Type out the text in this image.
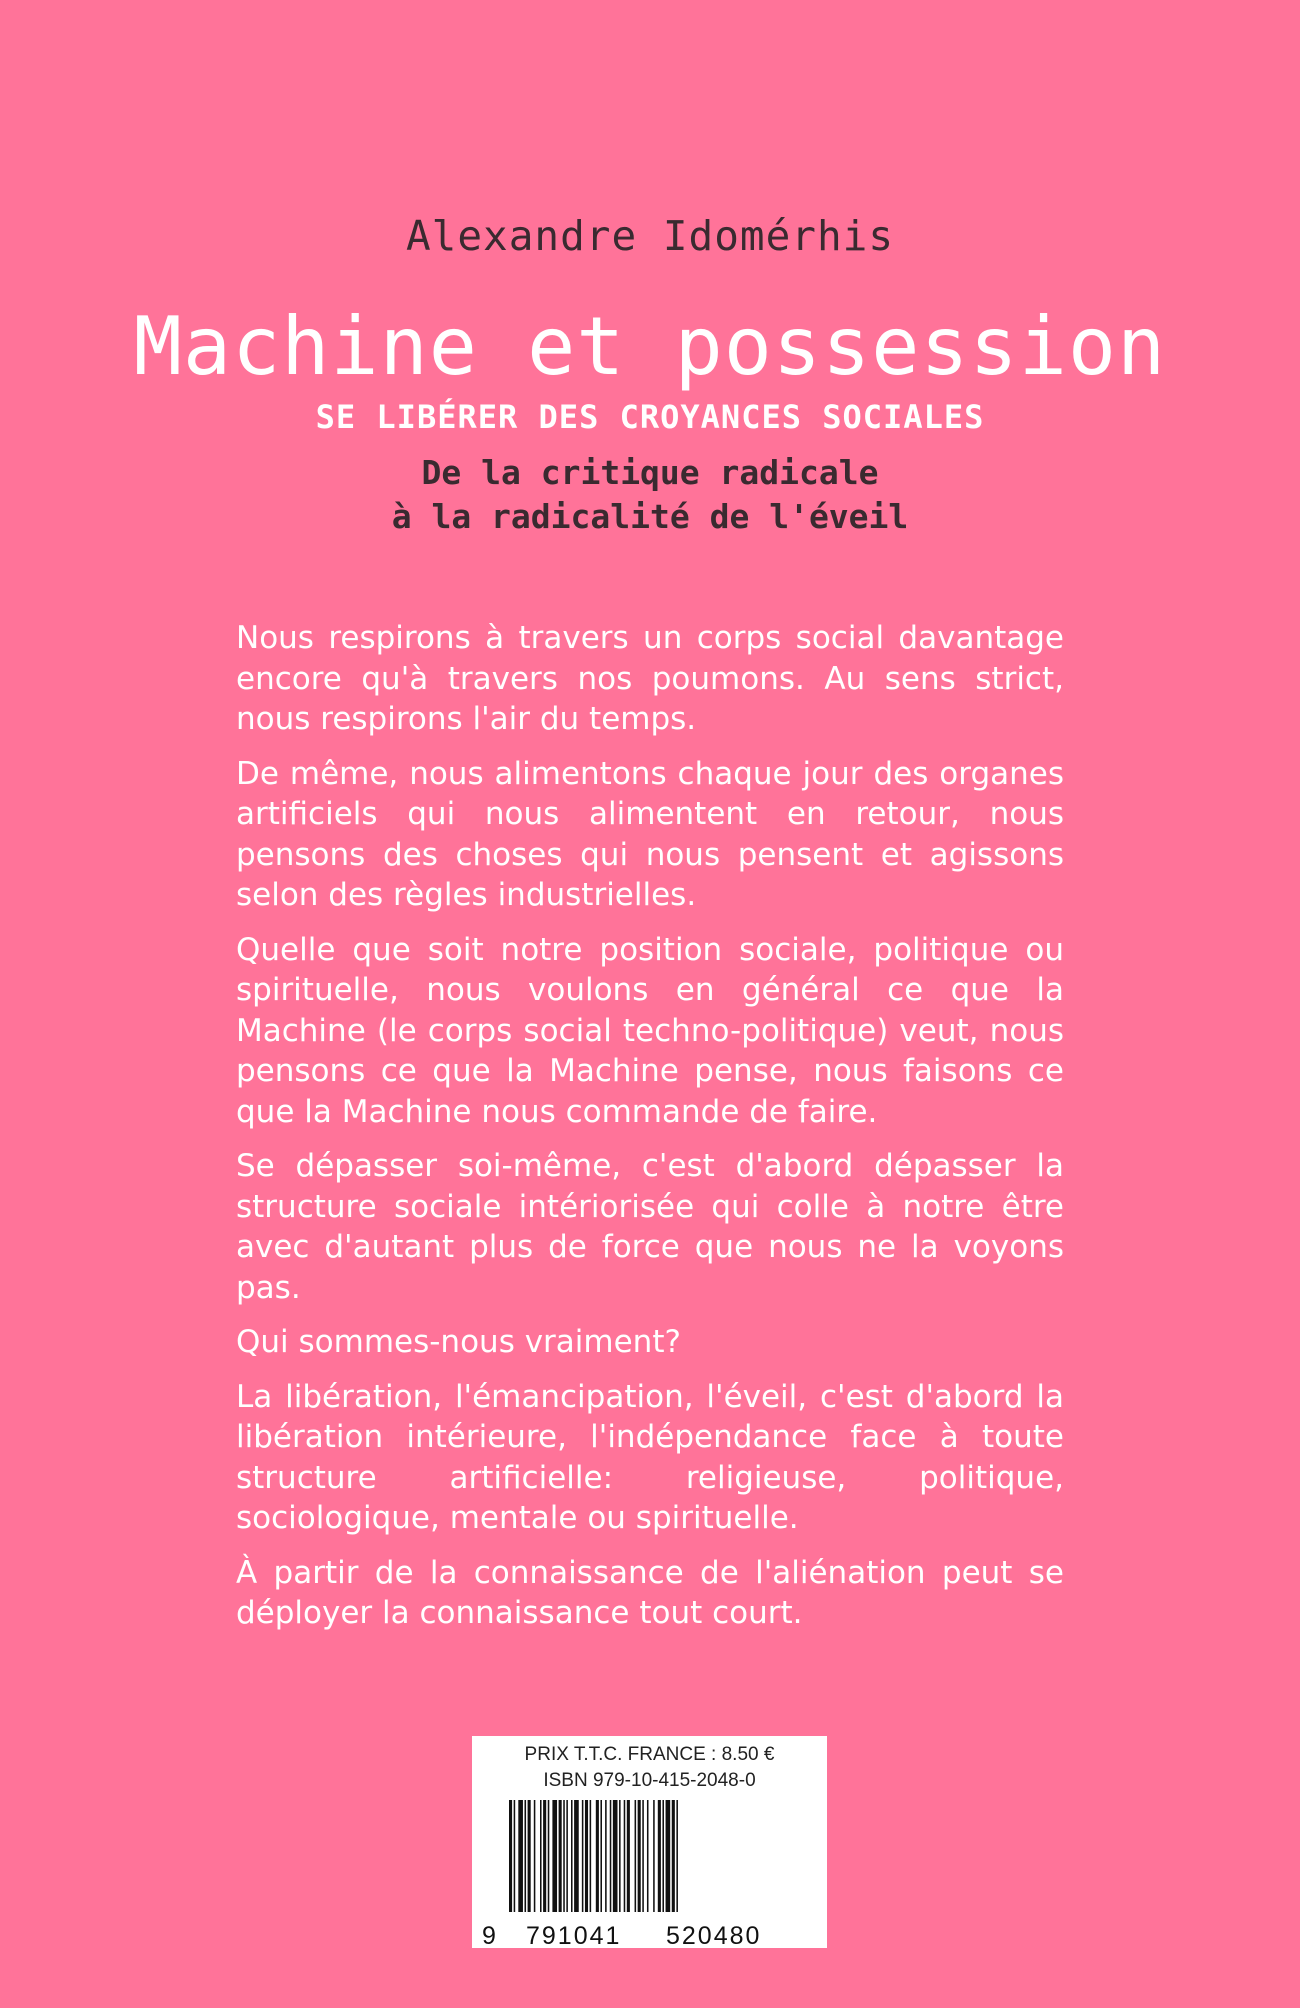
Alexandre Idomérhis
Machine et possession
SE LIBÉRER DES CROYANCES SOCIALES
De la critique radicale
à la radicalité de l'éveil

Nous respirons à travers un corps social davantage encore qu'à travers nos poumons. Au sens strict, nous respirons l'air du temps.

De même, nous alimentons chaque jour des organes artificiels qui nous alimentent en retour, nous pensons des choses qui nous pensent et agissons selon des règles industrielles.

Quelle que soit notre position sociale, politique ou spirituelle, nous voulons en général ce que la Machine (le corps social techno-politique) veut, nous pensons ce que la Machine pense, nous faisons ce que la Machine nous commande de faire.

Se dépasser soi-même, c'est d'abord dépasser la structure sociale intériorisée qui colle à notre être avec d'autant plus de force que nous ne la voyons pas.

Qui sommes-nous vraiment?

La libération, l'émancipation, l'éveil, c'est d'abord la libération intérieure, l'indépendance face à toute structure artificielle: religieuse, politique, sociologique, mentale ou spirituelle.

À partir de la connaissance de l'aliénation peut se déployer la connaissance tout court.

PRIX T.T.C. FRANCE : 8.50 €
ISBN 979-10-415-2048-0
9 791041 520480
